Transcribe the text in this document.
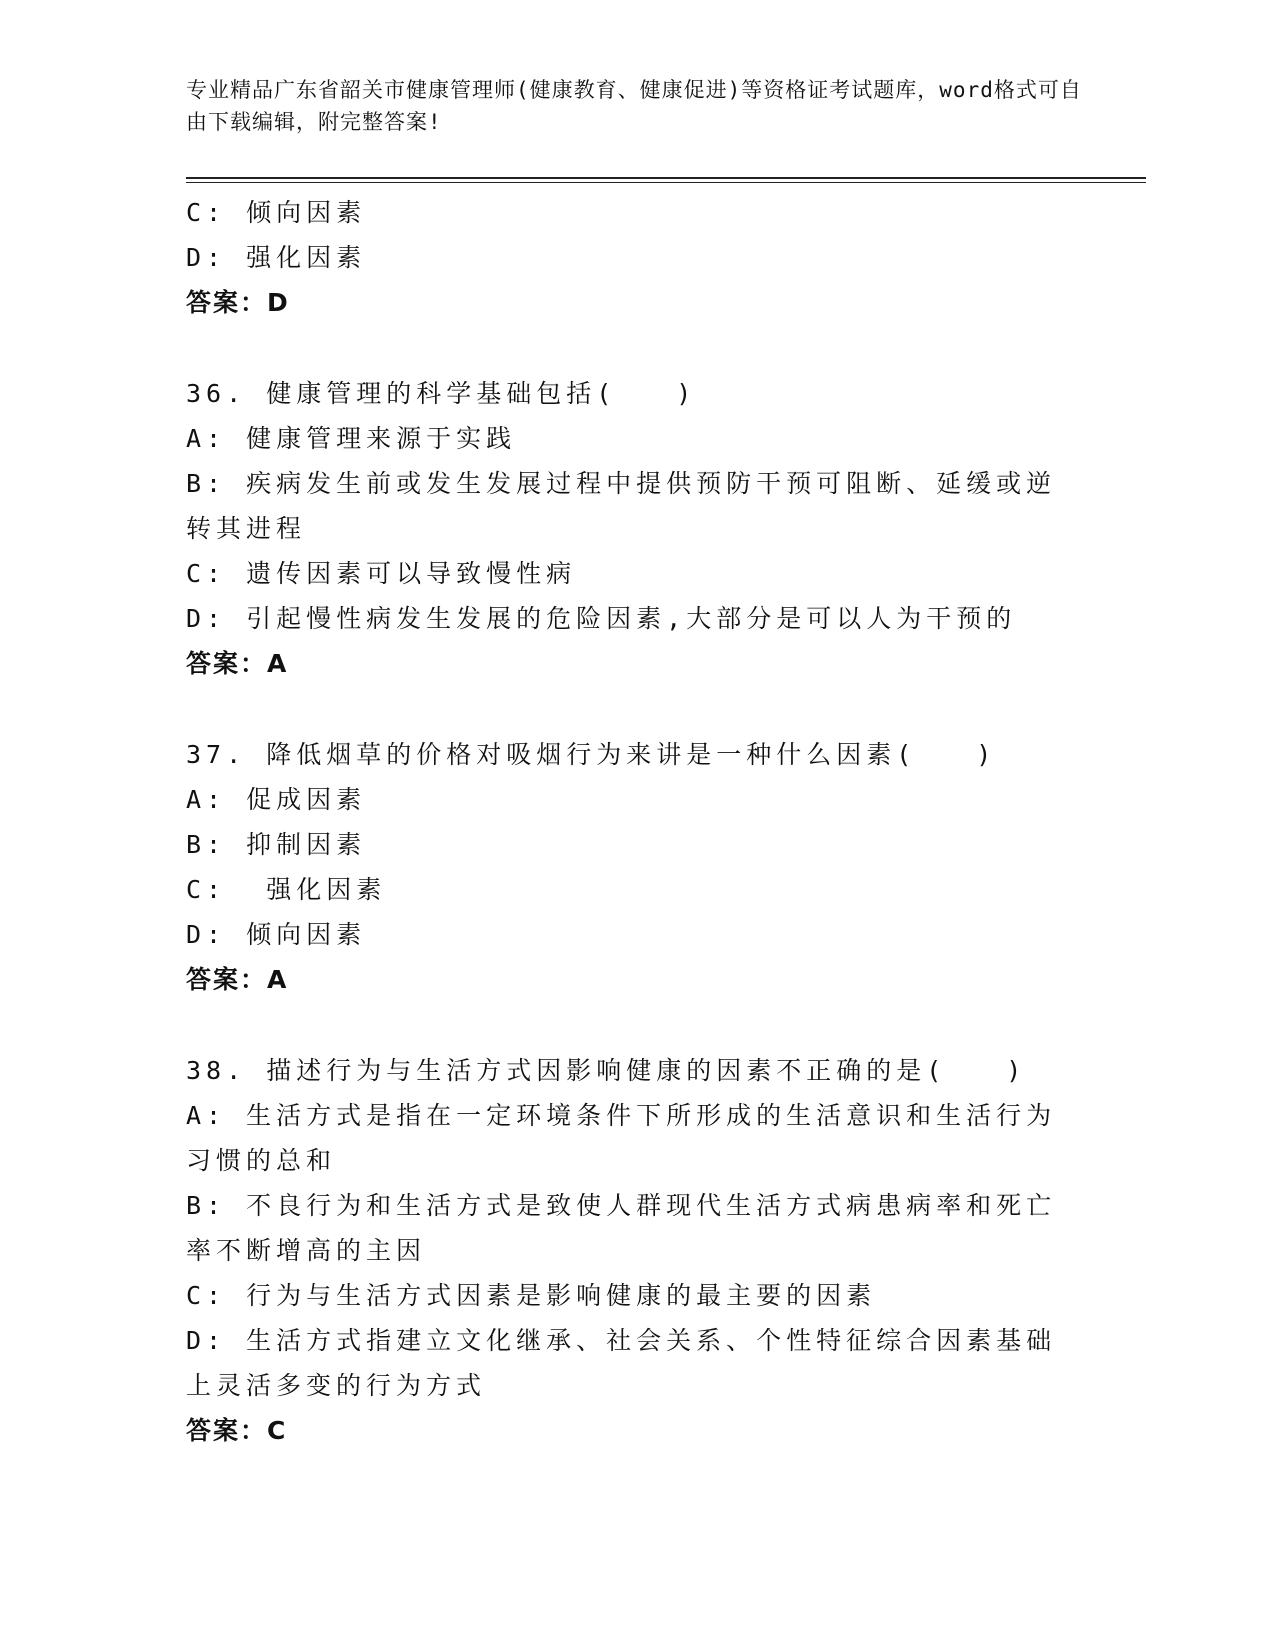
专业精品广东省韶关市健康管理师(健康教育、健康促进)等资格证考试题库，word格式可自由下载编辑，附完整答案!
C: 倾向因素
D: 强化因素
答案：D
36. 健康管理的科学基础包括(　　)
A: 健康管理来源于实践
B: 疾病发生前或发生发展过程中提供预防干预可阻断、延缓或逆转其进程
C: 遗传因素可以导致慢性病
D: 引起慢性病发生发展的危险因素,大部分是可以人为干预的
答案：A
37. 降低烟草的价格对吸烟行为来讲是一种什么因素(　　)
A: 促成因素
B: 抑制因素
C:  强化因素
D: 倾向因素
答案：A
38. 描述行为与生活方式因影响健康的因素不正确的是(　　)
A: 生活方式是指在一定环境条件下所形成的生活意识和生活行为习惯的总和
B: 不良行为和生活方式是致使人群现代生活方式病患病率和死亡率不断增高的主因
C: 行为与生活方式因素是影响健康的最主要的因素
D: 生活方式指建立文化继承、社会关系、个性特征综合因素基础上灵活多变的行为方式
答案：C
